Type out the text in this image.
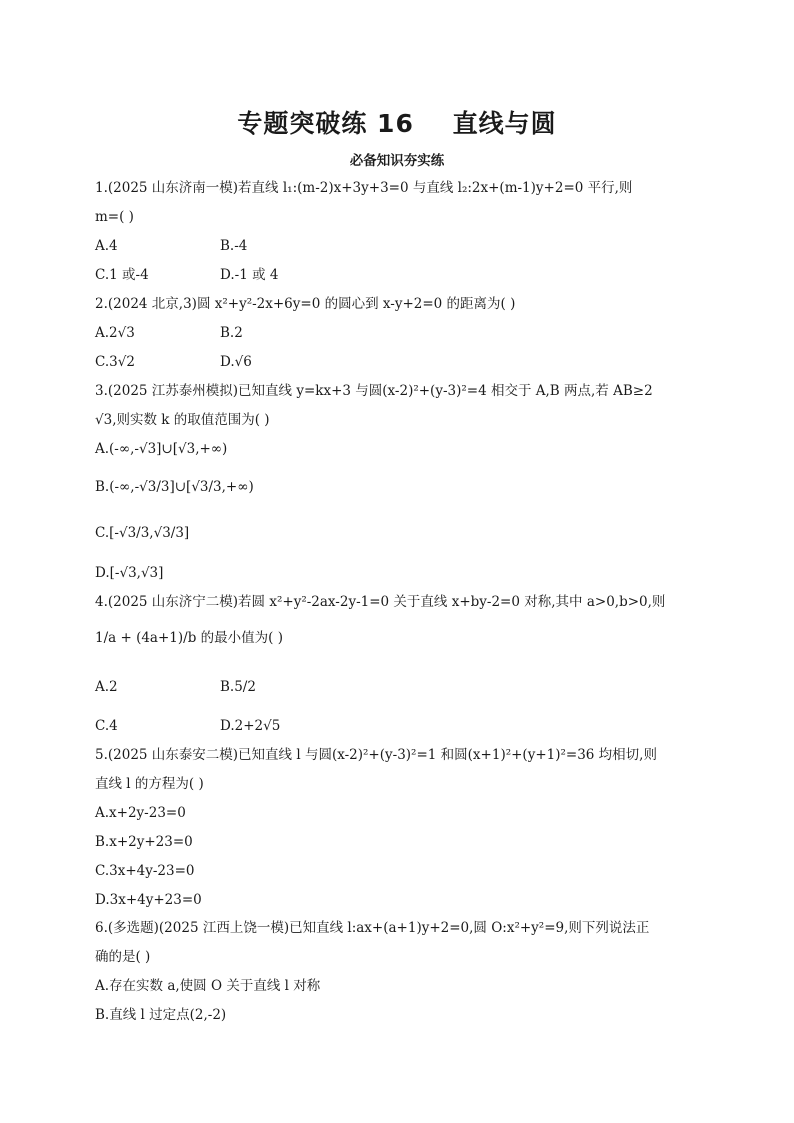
专题突破练 16    直线与圆
必备知识夯实练
1.(2025 山东济南一模)若直线 l₁:(m-2)x+3y+3=0 与直线 l₂:2x+(m-1)y+2=0 平行,则
m=( )
A.4	B.-4
C.1 或-4	D.-1 或 4
2.(2024 北京,3)圆 x²+y²-2x+6y=0 的圆心到 x-y+2=0 的距离为( )
A.2√3	B.2
C.3√2	D.√6
3.(2025 江苏泰州模拟)已知直线 y=kx+3 与圆(x-2)²+(y-3)²=4 相交于 A,B 两点,若 AB≥2
√3,则实数 k 的取值范围为( )
A.(-∞,-√3]∪[√3,+∞)
B.(-∞,-√3/3]∪[√3/3,+∞)
C.[-√3/3,√3/3]
D.[-√3,√3]
4.(2025 山东济宁二模)若圆 x²+y²-2ax-2y-1=0 关于直线 x+by-2=0 对称,其中 a>0,b>0,则
1/a + (4a+1)/b 的最小值为( )
A.2	B.5/2
C.4	D.2+2√5
5.(2025 山东泰安二模)已知直线 l 与圆(x-2)²+(y-3)²=1 和圆(x+1)²+(y+1)²=36 均相切,则
直线 l 的方程为( )
A.x+2y-23=0
B.x+2y+23=0
C.3x+4y-23=0
D.3x+4y+23=0
6.(多选题)(2025 江西上饶一模)已知直线 l:ax+(a+1)y+2=0,圆 O:x²+y²=9,则下列说法正
确的是( )
A.存在实数 a,使圆 O 关于直线 l 对称
B.直线 l 过定点(2,-2)
